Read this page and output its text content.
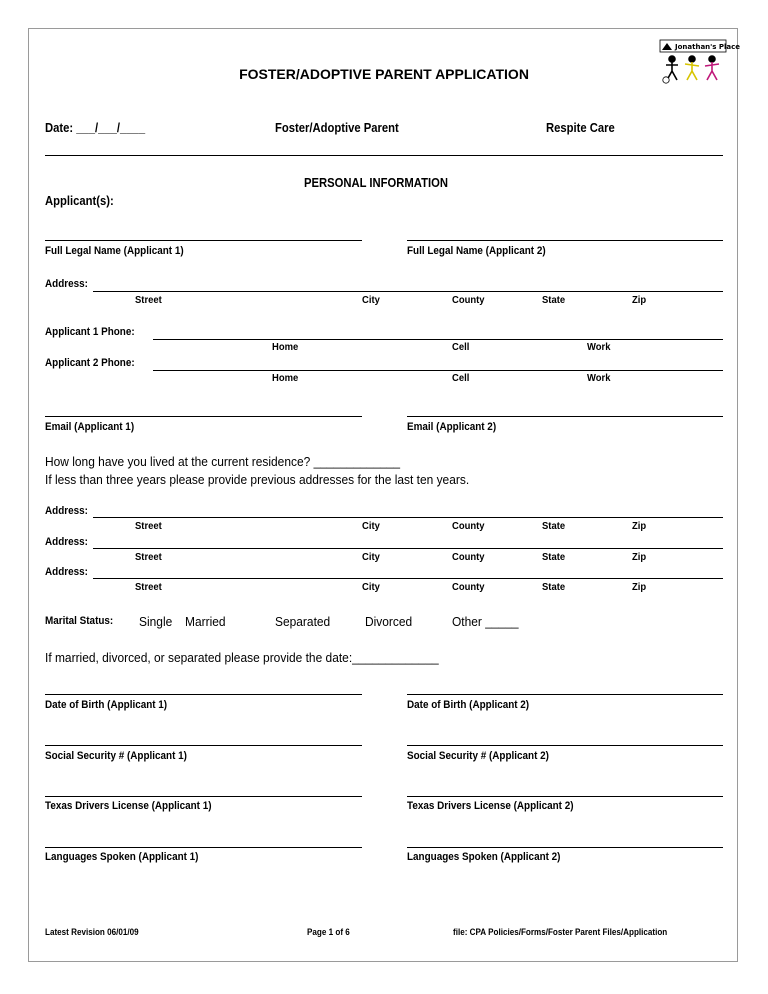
Jonathan's Place
FOSTER/ADOPTIVE PARENT APPLICATION
Date: ___/___/____	Foster/Adoptive Parent	Respite Care
PERSONAL INFORMATION
Applicant(s):
Full Legal Name (Applicant 1)	Full Legal Name (Applicant 2)
Address:
Street	City	County	State	Zip
Applicant 1 Phone:
Home	Cell	Work
Applicant 2 Phone:
Home	Cell	Work
Email (Applicant 1)	Email (Applicant 2)
How long have you lived at the current residence? _____________
If less than three years please provide previous addresses for the last ten years.
Address:
Street	City	County	State	Zip
Address:
Street	City	County	State	Zip
Address:
Street	City	County	State	Zip
Marital Status: Single Married	Separated	Divorced	Other _____
If married, divorced, or separated please provide the date:_____________
Date of Birth (Applicant 1)	Date of Birth (Applicant 2)
Social Security # (Applicant 1)	Social Security # (Applicant 2)
Texas Drivers License (Applicant 1)	Texas Drivers License (Applicant 2)
Languages Spoken (Applicant 1)	Languages Spoken (Applicant 2)
Latest Revision 06/01/09	Page 1 of 6	file: CPA Policies/Forms/Foster Parent Files/Application
